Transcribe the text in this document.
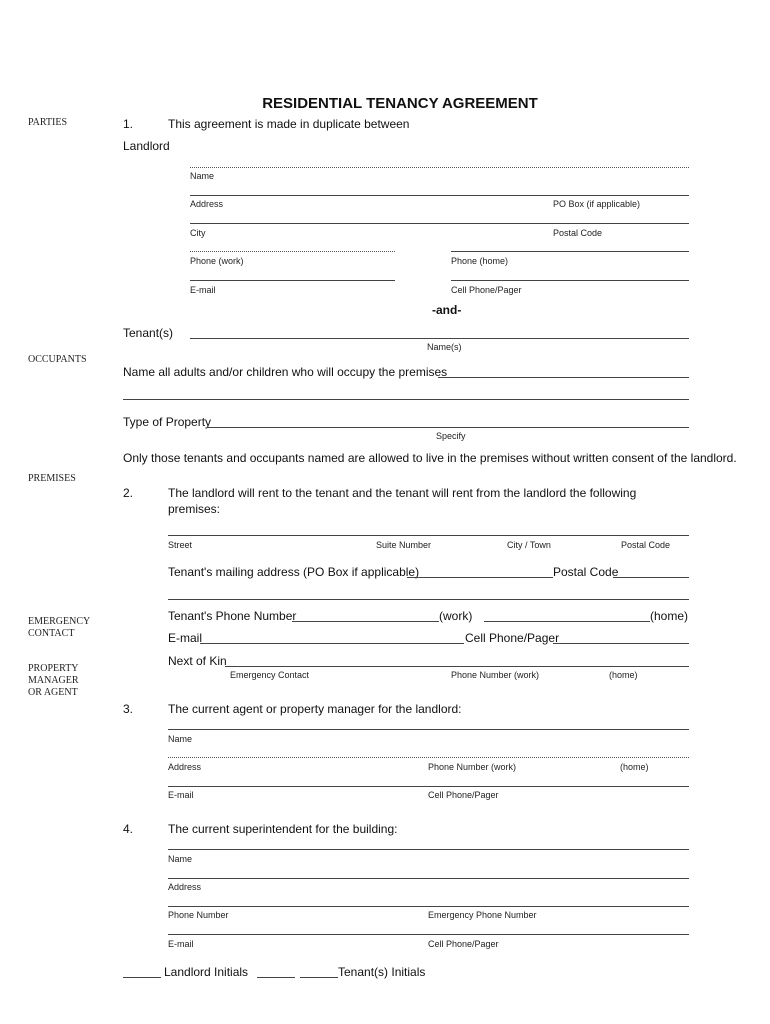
RESIDENTIAL TENANCY AGREEMENT
PARTIES
OCCUPANTS
PREMISES
EMERGENCY
CONTACT
PROPERTY
MANAGER
OR AGENT
1.	This agreement is made in duplicate between
Landlord
Name
Address	PO Box (if applicable)
City	Postal Code
Phone (work)	Phone (home)
E-mail	Cell Phone/Pager
-and-
Tenant(s)
Name(s)
Name all adults and/or children who will occupy the premises
Type of Property
Specify
Only those tenants and occupants named are allowed to live in the premises without written consent of the landlord.
2.	The landlord will rent to the tenant and the tenant will rent from the landlord the following
premises:
Street	Suite Number	City / Town	Postal Code
Tenant's mailing address (PO Box if applicable)	Postal Code
Tenant's Phone Number	(work)	(home)
E-mail	Cell Phone/Pager
Next of Kin
Emergency Contact	Phone Number (work)	(home)
3.	The current agent or property manager for the landlord:
Name
Address	Phone Number (work)	(home)
E-mail	Cell Phone/Pager
4.	The current superintendent for the building:
Name
Address
Phone Number	Emergency Phone Number
E-mail	Cell Phone/Pager
Landlord Initials	Tenant(s) Initials
